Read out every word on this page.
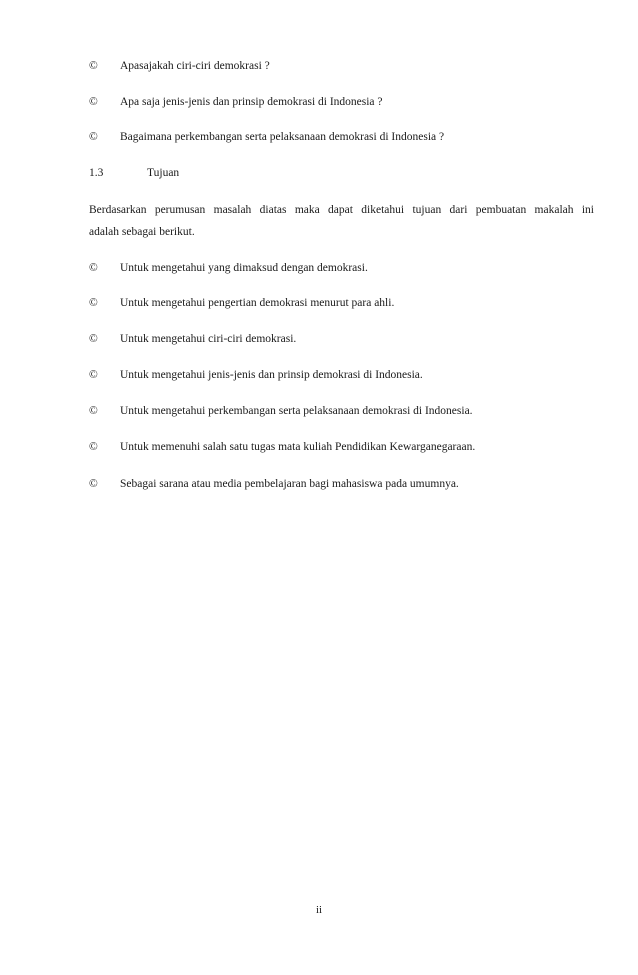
© Apasajakah ciri-ciri demokrasi ?
© Apa saja jenis-jenis dan prinsip demokrasi di Indonesia ?
© Bagaimana perkembangan serta pelaksanaan demokrasi di Indonesia ?
1.3	Tujuan
Berdasarkan perumusan masalah diatas maka dapat diketahui tujuan dari pembuatan makalah ini
adalah sebagai berikut.
© Untuk mengetahui yang dimaksud dengan demokrasi.
© Untuk mengetahui pengertian demokrasi menurut para ahli.
© Untuk mengetahui ciri-ciri demokrasi.
© Untuk mengetahui jenis-jenis dan prinsip demokrasi di Indonesia.
© Untuk mengetahui perkembangan serta pelaksanaan demokrasi di Indonesia.
© Untuk memenuhi salah satu tugas mata kuliah Pendidikan Kewarganegaraan.
© Sebagai sarana atau media pembelajaran bagi mahasiswa pada umumnya.
ii
